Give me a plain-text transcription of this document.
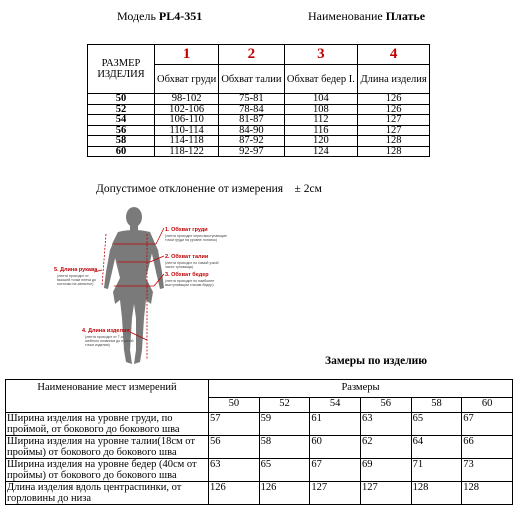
Модель PL4-351	Наименование Платье
РАЗМЕР ИЗДЕЛИЯ	1	2	3	4
	Обхват груди	Обхват талии	Обхват бедер I.	Длина изделия
50	98-102	75-81	104	126
52	102-106	78-84	108	126
54	106-110	81-87	112	127
56	110-114	84-90	116	127
58	114-118	87-92	120	128
60	118-122	92-97	124	128
Допустимое отклонение от измерения ± 2см
1. Обхват груди
(лента проходит через выступающие
точки груди на уровне лопаток)
2. Обхват талии
(лента проходит по самой узкой
части туловища)
3. Обхват бедер
(лента проходит по наиболее
выступающим точкам бедер)
5. Длина рукава
(лента проходит от
высшей точки плеча до
косточки на запястье)
4. Длина изделия
(лента проходит от 7-го
шейного позвонка до нужной
точки изделия)
Замеры по изделию
Наименование мест измерений	Размеры					
	50	52	54	56	58	60
Ширина изделия на уровне груди, по проймой, от бокового до бокового шва	57	59	61	63	65	67
Ширина изделия на уровне талии(18см от проймы) от бокового до бокового шва	56	58	60	62	64	66
Ширина изделия на уровне бедер (40см от проймы) от бокового до бокового шва	63	65	67	69	71	73
Длина изделия вдоль центраспинки, от горловины до низа	126	126	127	127	128	128
